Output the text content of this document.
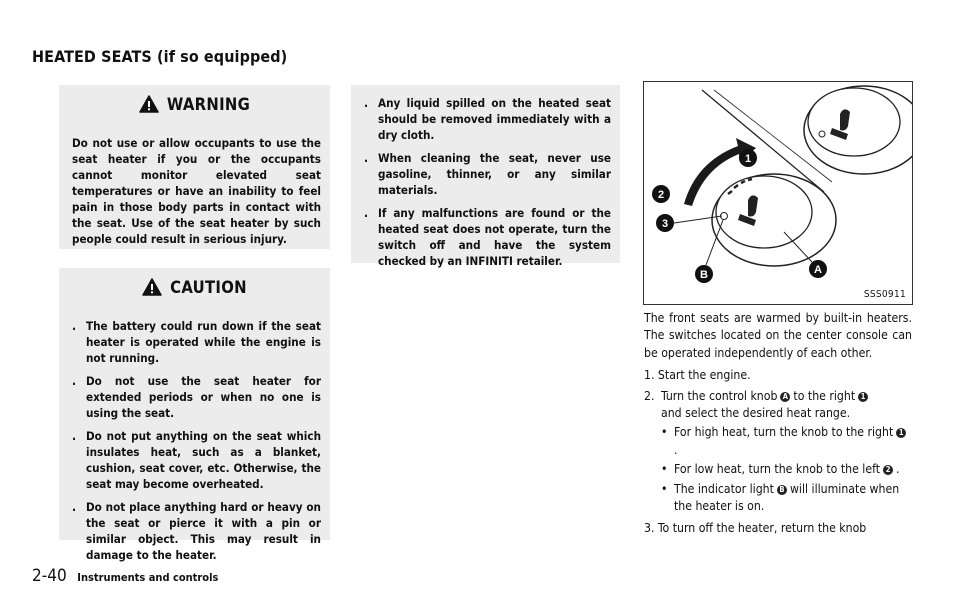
HEATED SEATS (if so equipped)
WARNING

Do not use or allow occupants to use the seat heater if you or the occupants cannot monitor elevated seat temperatures or have an inability to feel pain in those body parts in contact with the seat. Use of the seat heater by such people could result in serious injury.

CAUTION
. The battery could run down if the seat heater is operated while the engine is not running.
. Do not use the seat heater for extended periods or when no one is using the seat.
. Do not put anything on the seat which insulates heat, such as a blanket, cushion, seat cover, etc. Otherwise, the seat may become overheated.
. Do not place anything hard or heavy on the seat or pierce it with a pin or similar object. This may result in damage to the heater.
. Any liquid spilled on the heated seat should be removed immediately with a dry cloth.
. When cleaning the seat, never use gasoline, thinner, or any similar materials.
. If any malfunctions are found or the heated seat does not operate, turn the switch off and have the system checked by an INFINITI retailer.
1
2
3
A
B
SSS0911

The front seats are warmed by built-in heaters. The switches located on the center console can be operated independently of each other.

1. Start the engine.
2. Turn the control knob A to the right 1
and select the desired heat range.
• For high heat, turn the knob to the right 1.
• For low heat, turn the knob to the left 2 .
• The indicator light B will illuminate when the heater is on.
3. To turn off the heater, return the knob
2-40 Instruments and controls
